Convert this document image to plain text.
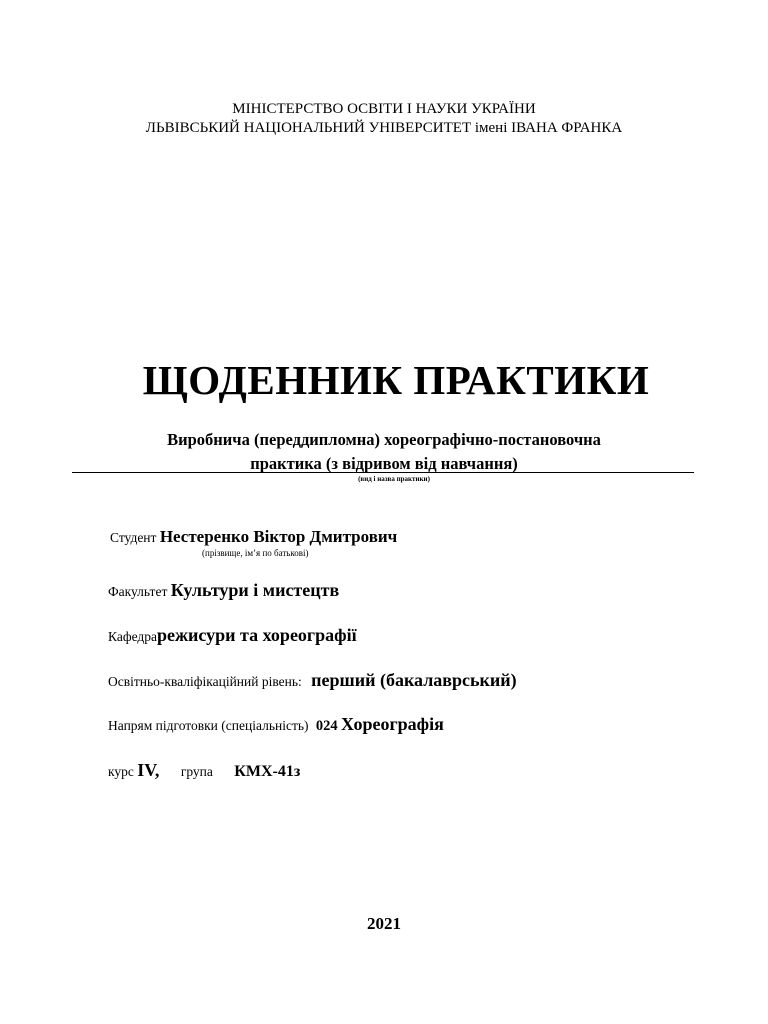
МІНІСТЕРСТВО ОСВІТИ І НАУКИ УКРАЇНИ
ЛЬВІВСЬКИЙ НАЦІОНАЛЬНИЙ УНІВЕРСИТЕТ імені ІВАНА ФРАНКА
ЩОДЕННИК ПРАКТИКИ
Виробнича (переддипломна) хореографічно-постановочна
практика (з відривом від навчання)
(вид і назва практики)
Студент Нестеренко Віктор Дмитрович
(прізвище, ім’я по батькові)
Факультет Культури і мистецтв
Кафедрарежисури та хореографії
Освітньо-кваліфікаційний рівень: перший (бакалаврський)
Напрям підготовки (спеціальність) 024 Хореографія
курс IV, група КМХ-41з
2021
